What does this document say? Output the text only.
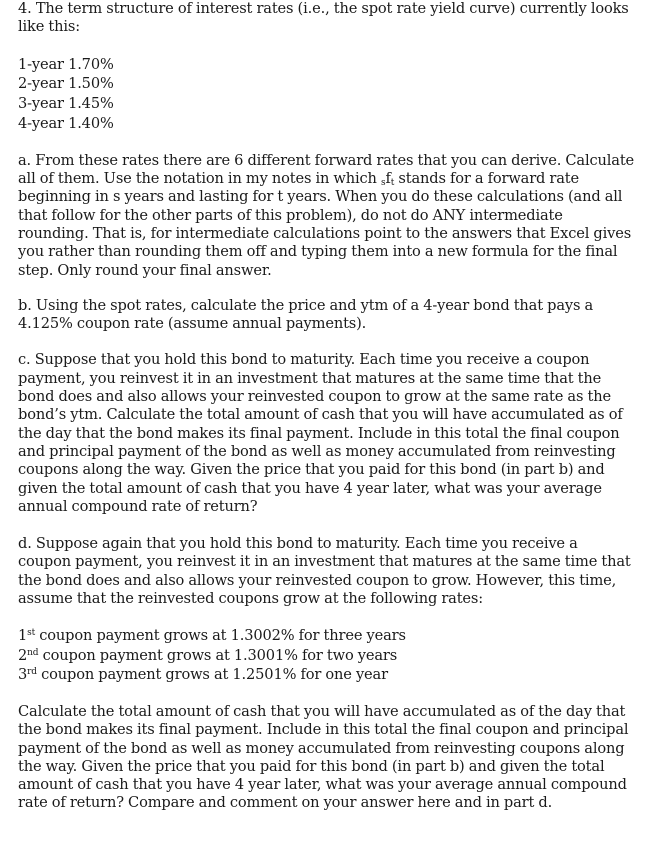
4. The term structure of interest rates (i.e., the spot rate yield curve) currently looks

like this:

1-year 1.70%

2-year 1.50%

3-year 1.45%

4-year 1.40%

a. From these rates there are 6 different forward rates that you can derive. Calculate

all of them. Use the notation in my notes in which $_sf_t$ stands for a forward rate

beginning in s years and lasting for t years. When you do these calculations (and all

that follow for the other parts of this problem), do not do ANY intermediate

rounding. That is, for intermediate calculations point to the answers that Excel gives

you rather than rounding them off and typing them into a new formula for the final

step. Only round your final answer.

b. Using the spot rates, calculate the price and ytm of a 4-year bond that pays a

4.125% coupon rate (assume annual payments).

c. Suppose that you hold this bond to maturity. Each time you receive a coupon

payment, you reinvest it in an investment that matures at the same time that the

bond does and also allows your reinvested coupon to grow at the same rate as the

bond’s ytm. Calculate the total amount of cash that you will have accumulated as of

the day that the bond makes its final payment. Include in this total the final coupon

and principal payment of the bond as well as money accumulated from reinvesting

coupons along the way. Given the price that you paid for this bond (in part b) and

given the total amount of cash that you have 4 year later, what was your average

annual compound rate of return?

d. Suppose again that you hold this bond to maturity. Each time you receive a

coupon payment, you reinvest it in an investment that matures at the same time that

the bond does and also allows your reinvested coupon to grow. However, this time,

assume that the reinvested coupons grow at the following rates:

1st coupon payment grows at 1.3002% for three years

2nd coupon payment grows at 1.3001% for two years

3rd coupon payment grows at 1.2501% for one year

Calculate the total amount of cash that you will have accumulated as of the day that

the bond makes its final payment. Include in this total the final coupon and principal

payment of the bond as well as money accumulated from reinvesting coupons along

the way. Given the price that you paid for this bond (in part b) and given the total

amount of cash that you have 4 year later, what was your average annual compound

rate of return? Compare and comment on your answer here and in part d.
